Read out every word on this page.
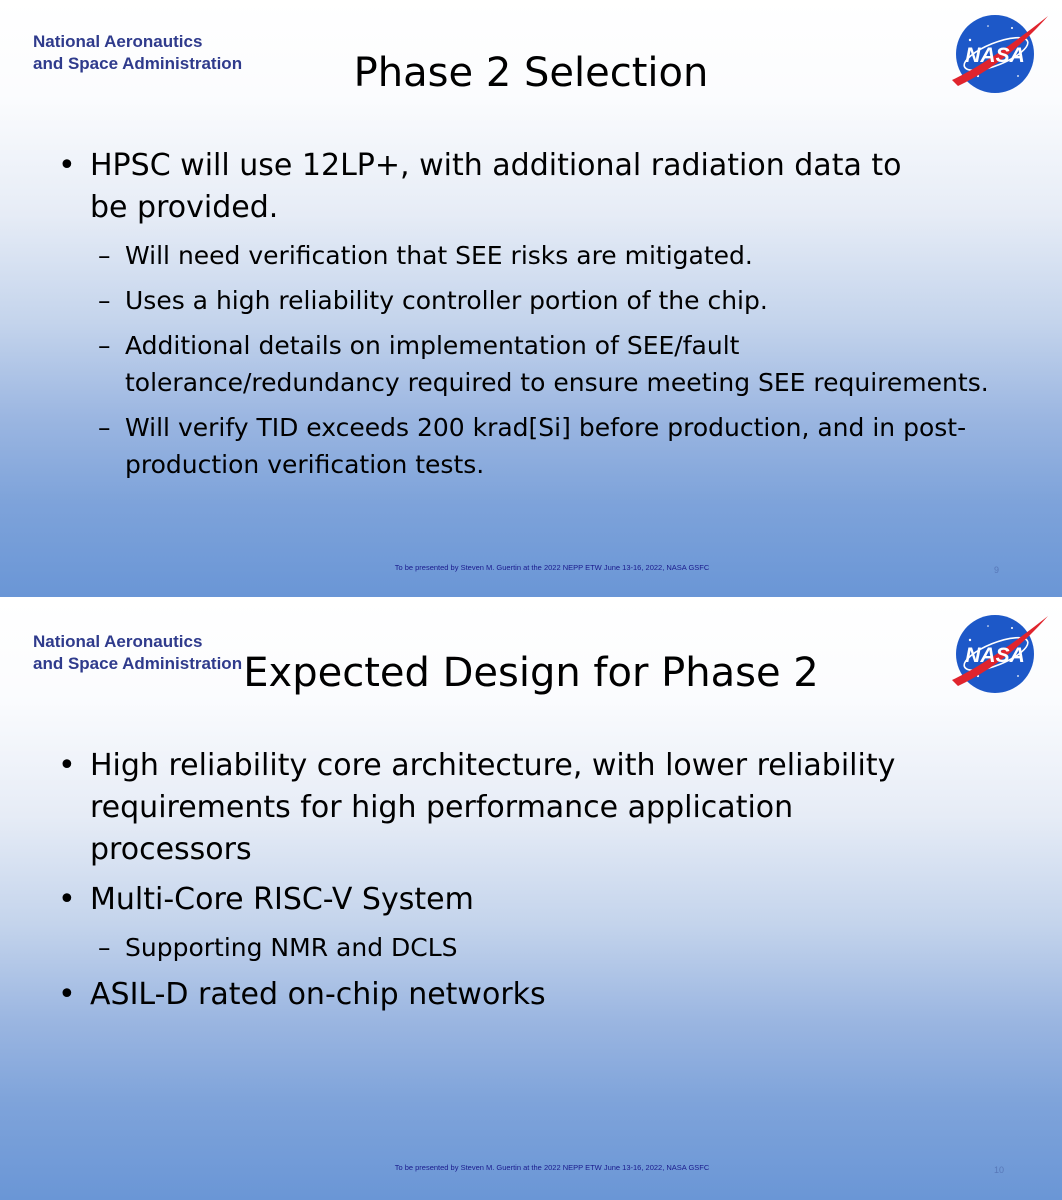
National Aeronautics
and Space Administration	NASA
Phase 2 Selection
• HPSC will use 12LP+, with additional radiation data to be provided.
– Will need verification that SEE risks are mitigated.
– Uses a high reliability controller portion of the chip.
– Additional details on implementation of SEE/fault tolerance/redundancy required to ensure meeting SEE requirements.
– Will verify TID exceeds 200 krad[Si] before production, and in post-production verification tests.
To be presented by Steven M. Guertin at the 2022 NEPP ETW June 13-16, 2022, NASA GSFC	9
National Aeronautics
and Space Administration	NASA
Expected Design for Phase 2
• High reliability core architecture, with lower reliability requirements for high performance application processors
• Multi-Core RISC-V System
– Supporting NMR and DCLS
• ASIL-D rated on-chip networks
To be presented by Steven M. Guertin at the 2022 NEPP ETW June 13-16, 2022, NASA GSFC	10
